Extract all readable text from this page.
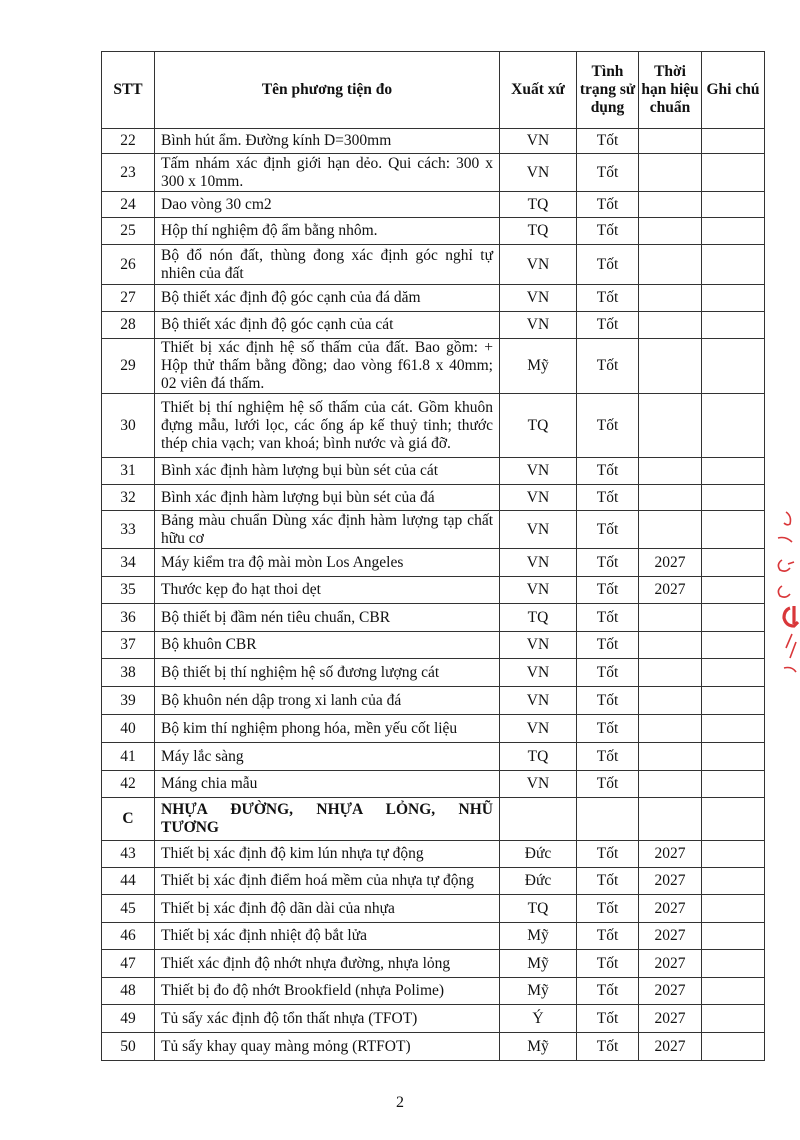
STT	Tên phương tiện đo	Xuất xứ	Tình trạng sử dụng	Thời hạn hiệu chuẩn	Ghi chú
22	Bình hút ẩm. Đường kính D=300mm	VN	Tốt		
23	Tấm nhám xác định giới hạn dẻo. Qui cách: 300 x 300 x 10mm.	VN	Tốt		
24	Dao vòng 30 cm2	TQ	Tốt		
25	Hộp thí nghiệm độ ẩm bằng nhôm.	TQ	Tốt		
26	Bộ đổ nón đất, thùng đong xác định góc nghỉ tự nhiên của đất	VN	Tốt		
27	Bộ thiết xác định độ góc cạnh của đá dăm	VN	Tốt		
28	Bộ thiết xác định độ góc cạnh của cát	VN	Tốt		
29	Thiết bị xác định hệ số thấm của đất. Bao gồm: + Hộp thử thấm bằng đồng; dao vòng f61.8 x 40mm; 02 viên đá thấm.	Mỹ	Tốt		
30	Thiết bị thí nghiệm hệ số thấm của cát. Gồm khuôn đựng mẫu, lưới lọc, các ống áp kế thuỷ tinh; thước thép chia vạch; van khoá; bình nước và giá đỡ.	TQ	Tốt		
31	Bình xác định hàm lượng bụi bùn sét của cát	VN	Tốt		
32	Bình xác định hàm lượng bụi bùn sét của đá	VN	Tốt		
33	Bảng màu chuẩn Dùng xác định hàm lượng tạp chất hữu cơ	VN	Tốt		
34	Máy kiểm tra độ mài mòn Los Angeles	VN	Tốt	2027	
35	Thước kẹp đo hạt thoi dẹt	VN	Tốt	2027	
36	Bộ thiết bị đầm nén tiêu chuẩn, CBR	TQ	Tốt		
37	Bộ khuôn CBR	VN	Tốt		
38	Bộ thiết bị thí nghiệm hệ số đương lượng cát	VN	Tốt		
39	Bộ khuôn nén dập trong xi lanh của đá	VN	Tốt		
40	Bộ kim thí nghiệm phong hóa, mền yếu cốt liệu	VN	Tốt		
41	Máy lắc sàng	TQ	Tốt		
42	Máng chia mẫu	VN	Tốt		
C	NHỰA ĐƯỜNG, NHỰA LỎNG, NHŨ TƯƠNG				
43	Thiết bị xác định độ kim lún nhựa tự động	Đức	Tốt	2027	
44	Thiết bị xác định điểm hoá mềm của nhựa tự động	Đức	Tốt	2027	
45	Thiết bị xác định độ dãn dài của nhựa	TQ	Tốt	2027	
46	Thiết bị xác định nhiệt độ bắt lửa	Mỹ	Tốt	2027	
47	Thiết xác định độ nhớt nhựa đường, nhựa lỏng	Mỹ	Tốt	2027	
48	Thiết bị đo độ nhớt Brookfield (nhựa Polime)	Mỹ	Tốt	2027	
49	Tủ sấy xác định độ tổn thất nhựa (TFOT)	Ý	Tốt	2027	
50	Tủ sấy khay quay màng mỏng (RTFOT)	Mỹ	Tốt	2027	
2
